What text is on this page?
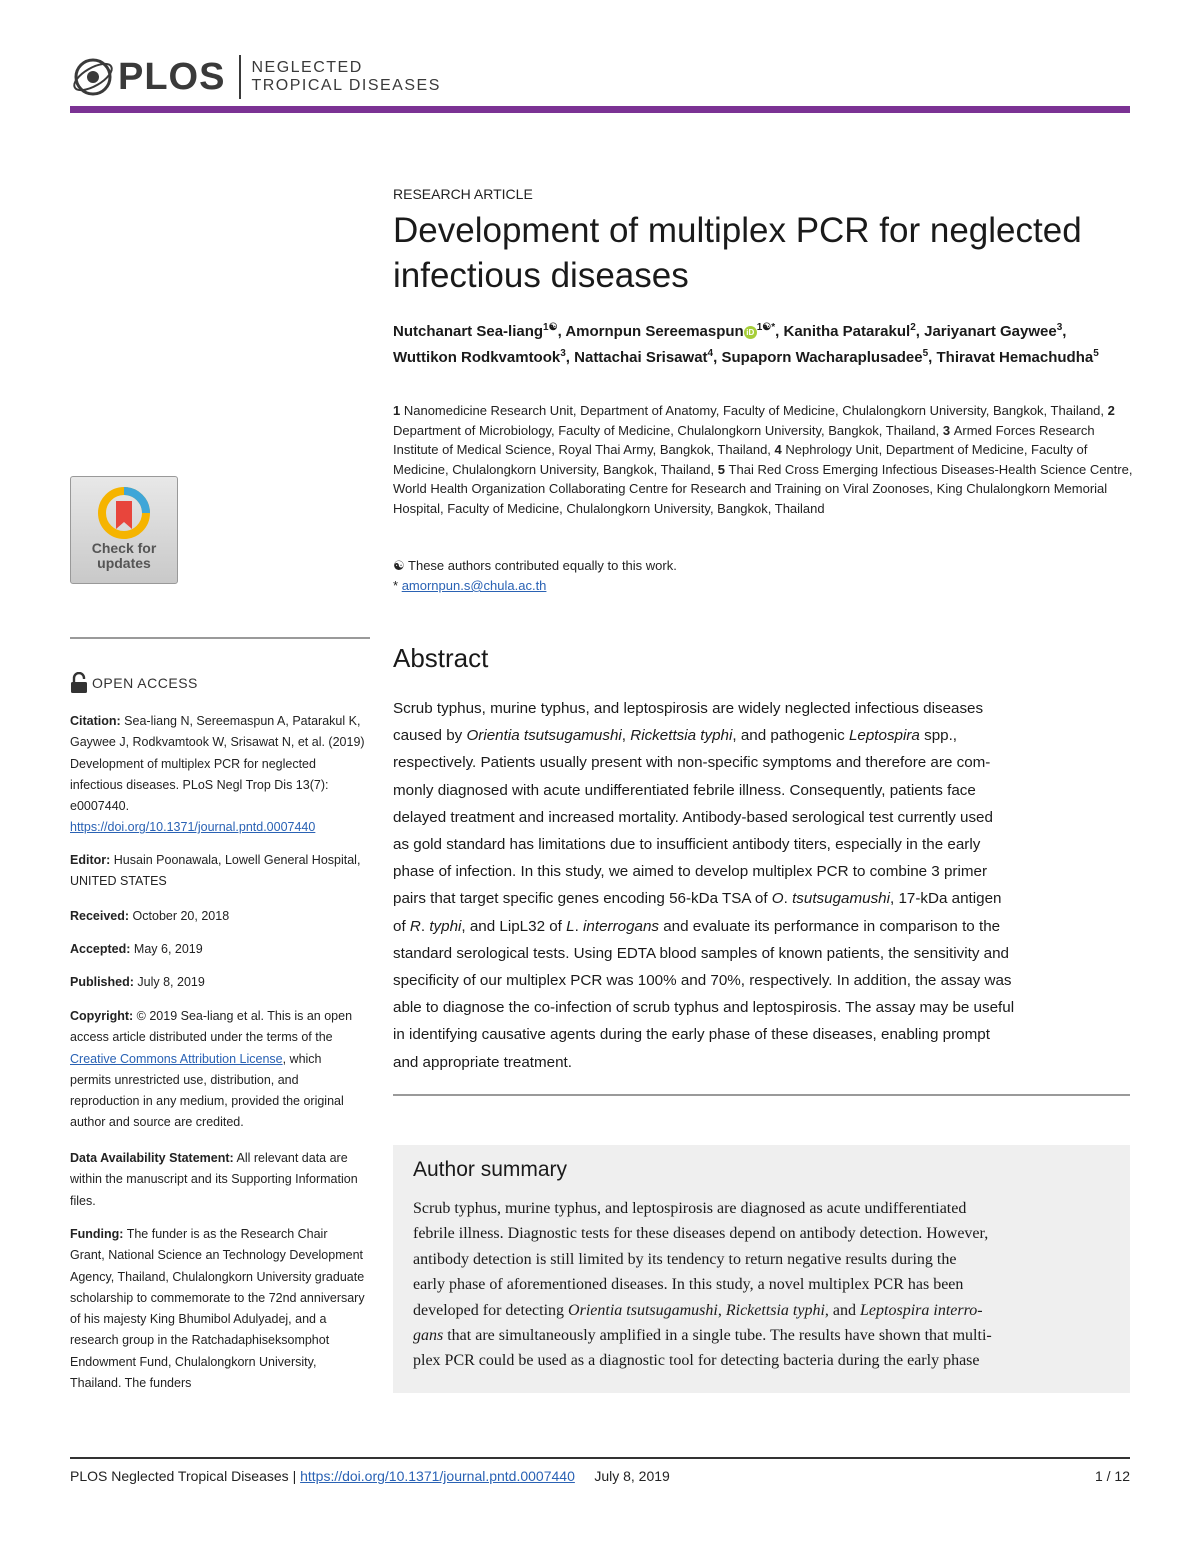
PLOS NEGLECTED
TROPICAL DISEASES
RESEARCH ARTICLE
Development of multiplex PCR for neglected infectious diseases
Nutchanart Sea-liang$^{1☯}$, Amornpun Sereemaspun iD $^{1☯*}$, Kanitha Patarakul$^2$, Jariyanart Gaywee$^3$, Wuttikon Rodkvamtook$^3$, Nattachai Srisawat$^4$, Supaporn Wacharaplusadee$^5$, Thiravat Hemachudha$^5$
1 Nanomedicine Research Unit, Department of Anatomy, Faculty of Medicine, Chulalongkorn University, Bangkok, Thailand, 2 Department of Microbiology, Faculty of Medicine, Chulalongkorn University, Bangkok, Thailand, 3 Armed Forces Research Institute of Medical Science, Royal Thai Army, Bangkok, Thailand, 4 Nephrology Unit, Department of Medicine, Faculty of Medicine, Chulalongkorn University, Bangkok, Thailand, 5 Thai Red Cross Emerging Infectious Diseases-Health Science Centre, World Health Organization Collaborating Centre for Research and Training on Viral Zoonoses, King Chulalongkorn Memorial Hospital, Faculty of Medicine, Chulalongkorn University, Bangkok, Thailand
☯ These authors contributed equally to this work.
* amornpun.s@chula.ac.th
Abstract
Scrub typhus, murine typhus, and leptospirosis are widely neglected infectious diseases
caused by Orientia tsutsugamushi, Rickettsia typhi, and pathogenic Leptospira spp.,
respectively. Patients usually present with non-specific symptoms and therefore are com-
monly diagnosed with acute undifferentiated febrile illness. Consequently, patients face
delayed treatment and increased mortality. Antibody-based serological test currently used
as gold standard has limitations due to insufficient antibody titers, especially in the early
phase of infection. In this study, we aimed to develop multiplex PCR to combine 3 primer
pairs that target specific genes encoding 56-kDa TSA of O. tsutsugamushi, 17-kDa antigen
of R. typhi, and LipL32 of L. interrogans and evaluate its performance in comparison to the
standard serological tests. Using EDTA blood samples of known patients, the sensitivity and
specificity of our multiplex PCR was 100% and 70%, respectively. In addition, the assay was
able to diagnose the co-infection of scrub typhus and leptospirosis. The assay may be useful
in identifying causative agents during the early phase of these diseases, enabling prompt
and appropriate treatment.
Author summary
Scrub typhus, murine typhus, and leptospirosis are diagnosed as acute undifferentiated
febrile illness. Diagnostic tests for these diseases depend on antibody detection. However,
antibody detection is still limited by its tendency to return negative results during the
early phase of aforementioned diseases. In this study, a novel multiplex PCR has been
developed for detecting Orientia tsutsugamushi, Rickettsia typhi, and Leptospira interro-
gans that are simultaneously amplified in a single tube. The results have shown that multi-
plex PCR could be used as a diagnostic tool for detecting bacteria during the early phase
Check for
updates
OPEN ACCESS
Citation: Sea-liang N, Sereemaspun A, Patarakul K, Gaywee J, Rodkvamtook W, Srisawat N, et al. (2019) Development of multiplex PCR for neglected infectious diseases. PLoS Negl Trop Dis 13(7): e0007440. https://doi.org/10.1371/journal.pntd.0007440
Editor: Husain Poonawala, Lowell General Hospital, UNITED STATES
Received: October 20, 2018
Accepted: May 6, 2019
Published: July 8, 2019
Copyright: © 2019 Sea-liang et al. This is an open access article distributed under the terms of the Creative Commons Attribution License, which permits unrestricted use, distribution, and reproduction in any medium, provided the original author and source are credited.
Data Availability Statement: All relevant data are within the manuscript and its Supporting Information files.
Funding: The funder is as the Research Chair Grant, National Science an Technology Development Agency, Thailand, Chulalongkorn University graduate scholarship to commemorate to the 72nd anniversary of his majesty King Bhumibol Adulyadej, and a research group in the Ratchadaphiseksomphot Endowment Fund, Chulalongkorn University, Thailand. The funders
PLOS Neglected Tropical Diseases | https://doi.org/10.1371/journal.pntd.0007440 July 8, 2019	1 / 12
